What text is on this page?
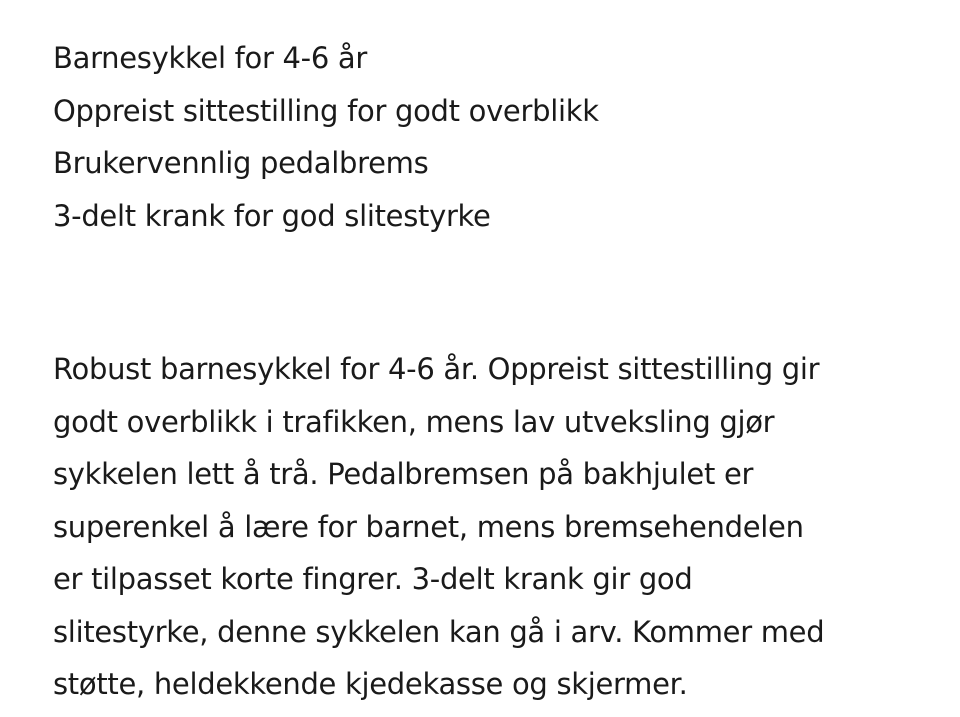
Barnesykkel for 4-6 år
Oppreist sittestilling for godt overblikk
Brukervennlig pedalbrems
3-delt krank for god slitestyrke

Robust barnesykkel for 4-6 år. Oppreist sittestilling gir
godt overblikk i trafikken, mens lav utveksling gjør
sykkelen lett å trå. Pedalbremsen på bakhjulet er
superenkel å lære for barnet, mens bremsehendelen
er tilpasset korte fingrer. 3-delt krank gir god
slitestyrke, denne sykkelen kan gå i arv. Kommer med
støtte, heldekkende kjedekasse og skjermer.
